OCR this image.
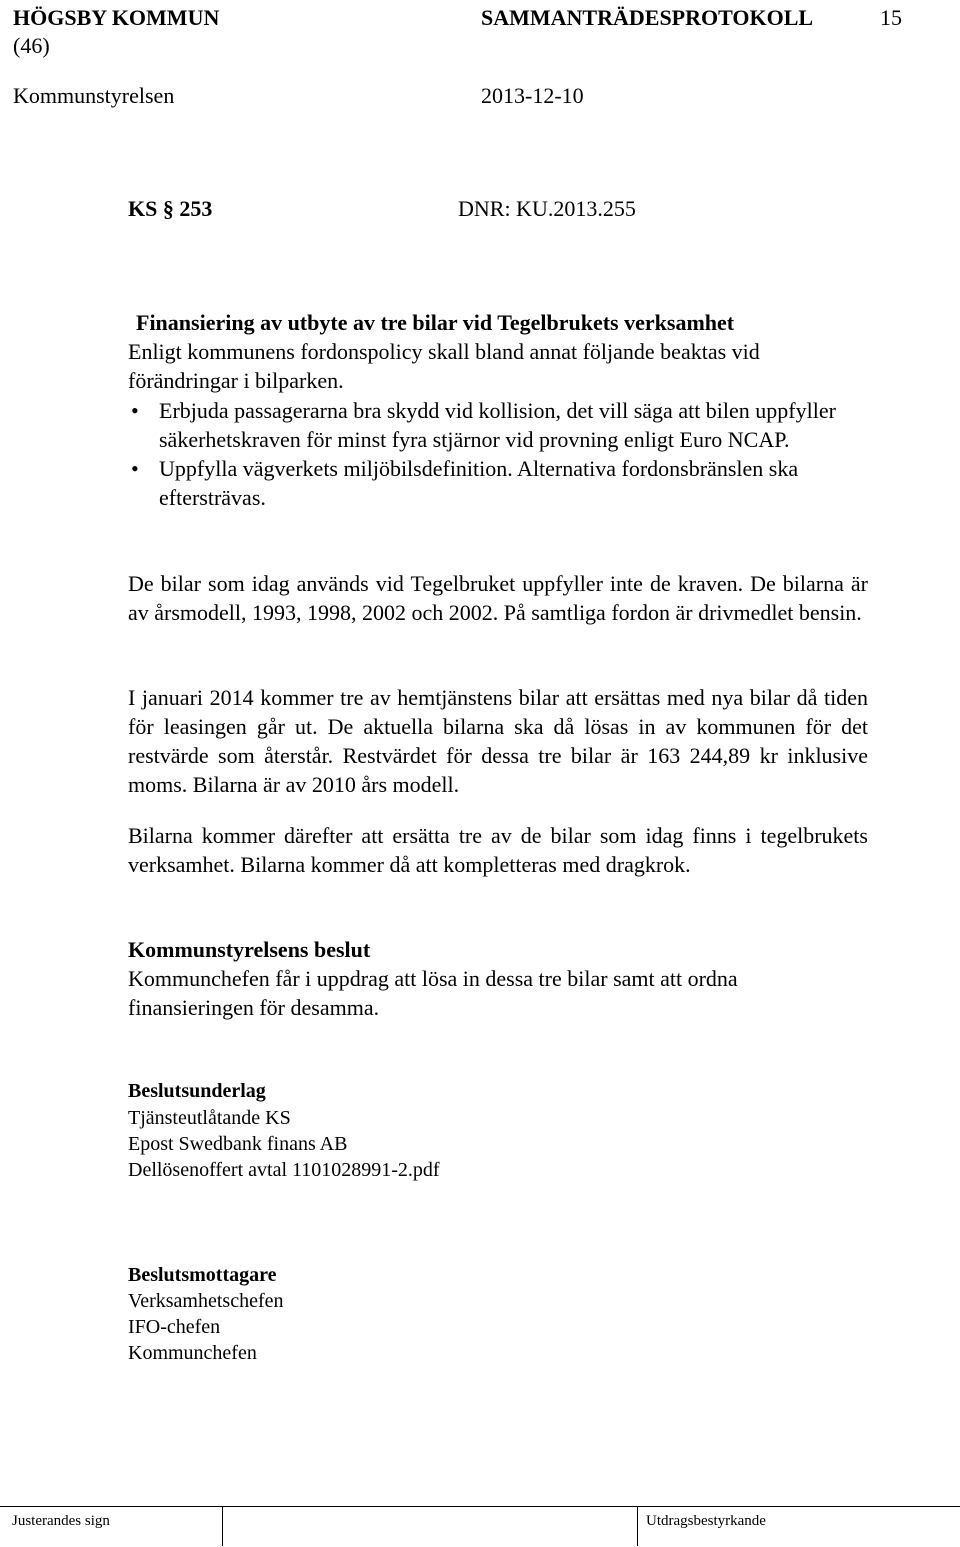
HÖGSBY KOMMUN	SAMMANTRÄDESPROTOKOLL	15
(46)
Kommunstyrelsen	2013-12-10
KS § 253	DNR: KU.2013.255
Finansiering av utbyte av tre bilar vid Tegelbrukets verksamhet
Enligt kommunens fordonspolicy skall bland annat följande beaktas vid förändringar i bilparken.
• Erbjuda passagerarna bra skydd vid kollision, det vill säga att bilen uppfyller säkerhetskraven för minst fyra stjärnor vid provning enligt Euro NCAP.
• Uppfylla vägverkets miljöbilsdefinition. Alternativa fordonsbränslen ska eftersträvas.
De bilar som idag används vid Tegelbruket uppfyller inte de kraven. De bilarna är av årsmodell, 1993, 1998, 2002 och 2002. På samtliga fordon är drivmedlet bensin.
I januari 2014 kommer tre av hemtjänstens bilar att ersättas med nya bilar då tiden för leasingen går ut. De aktuella bilarna ska då lösas in av kommunen för det restvärde som återstår. Restvärdet för dessa tre bilar är 163 244,89 kr inklusive moms. Bilarna är av 2010 års modell.
Bilarna kommer därefter att ersätta tre av de bilar som idag finns i tegelbrukets verksamhet. Bilarna kommer då att kompletteras med dragkrok.
Kommunstyrelsens beslut
Kommunchefen får i uppdrag att lösa in dessa tre bilar samt att ordna finansieringen för desamma.
Beslutsunderlag
Tjänsteutlåtande KS
Epost Swedbank finans AB
Dellösenoffert avtal 1101028991-2.pdf
Beslutsmottagare
Verksamhetschefen
IFO-chefen
Kommunchefen
Justerandes sign	Utdragsbestyrkande
